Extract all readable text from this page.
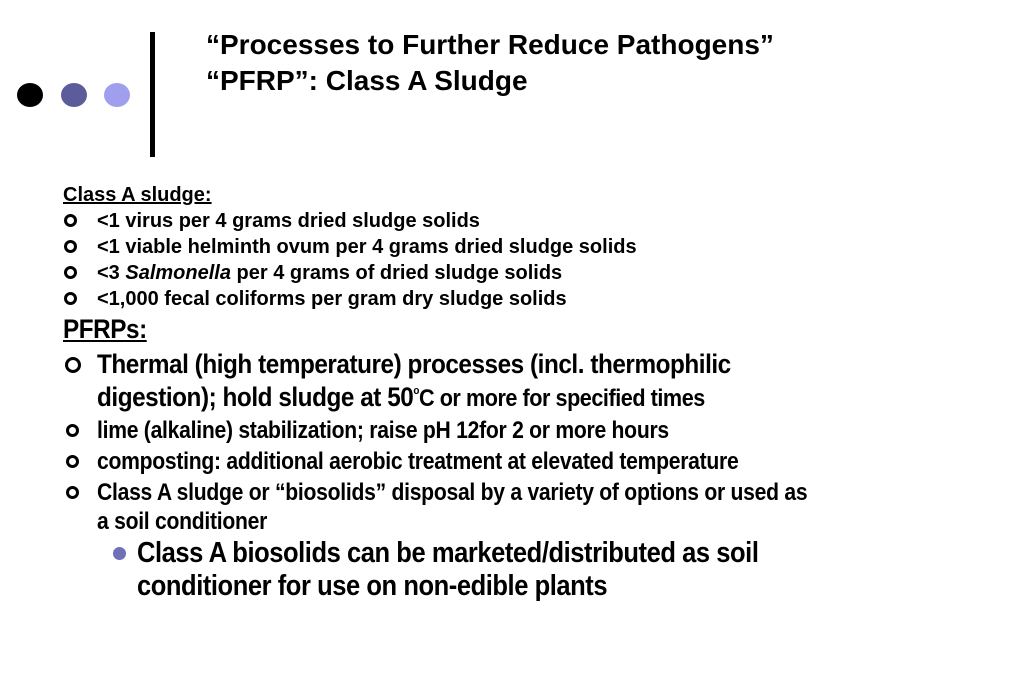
“Processes to Further Reduce Pathogens”
“PFRP”: Class A Sludge
Class A sludge:
<1 virus per 4 grams dried sludge solids
<1 viable helminth ovum per 4 grams dried sludge solids
<3 Salmonella per 4 grams of dried sludge solids
<1,000 fecal coliforms per gram dry sludge solids
PFRPs:
Thermal (high temperature) processes (incl. thermophilic
digestion); hold sludge at 50$^o$C or more for specified times
lime (alkaline) stabilization; raise pH 12for 2 or more hours
composting: additional aerobic treatment at elevated temperature
Class A sludge or “biosolids” disposal by a variety of options or used as
a soil conditioner
Class A biosolids can be marketed/distributed as soil
conditioner for use on non-edible plants
